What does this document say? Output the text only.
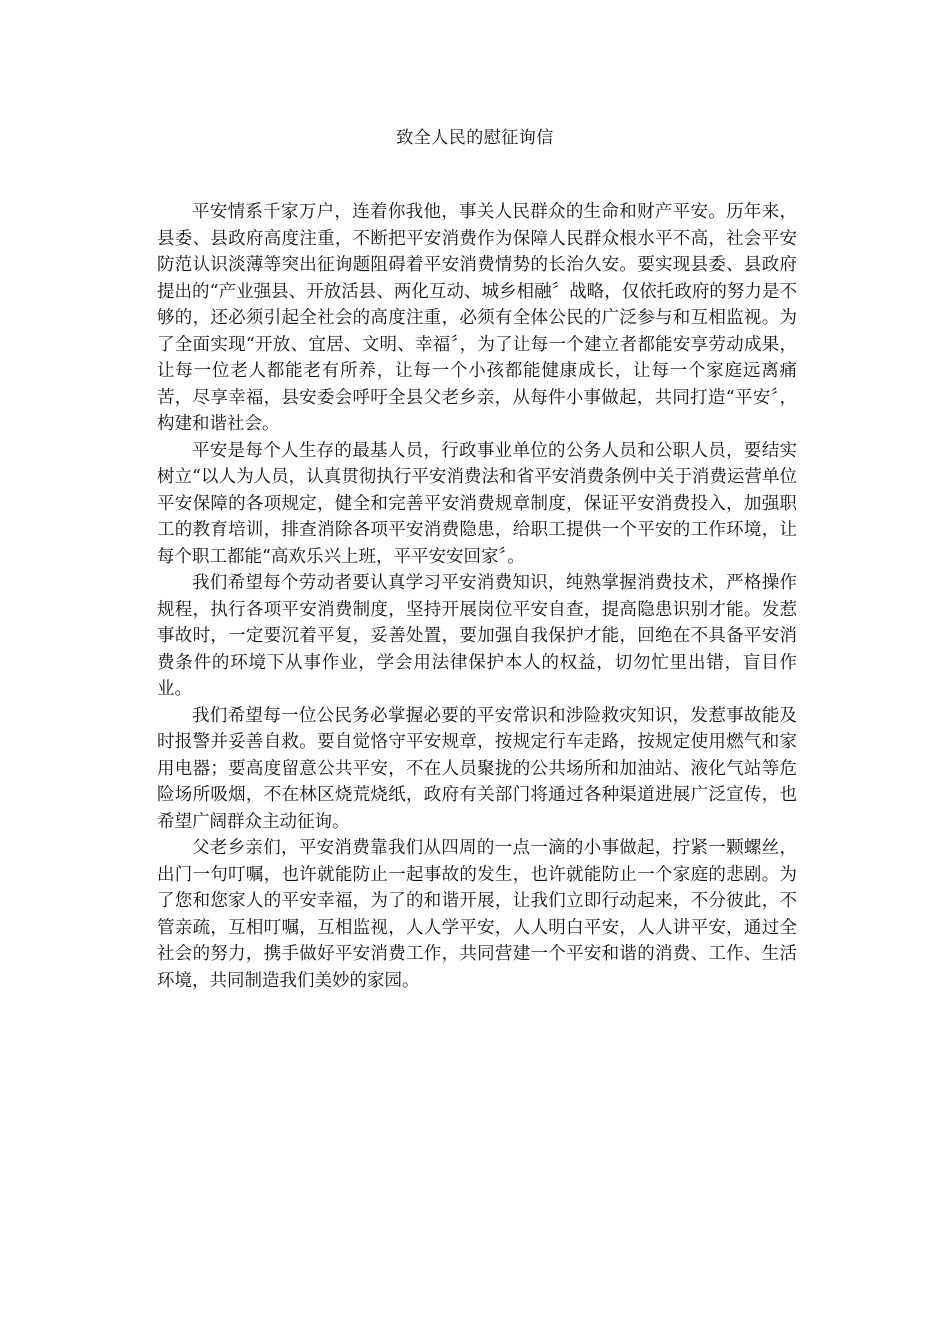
致全人民的慰征询信

平安情系千家万户，连着你我他，事关人民群众的生命和财产平安。历年来，县委、县政府高度注重，不断把平安消费作为保障人民群众根水平不高，社会平安防范认识淡薄等突出征询题阻碍着平安消费情势的长治久安。要实现县委、县政府提出的“产业强县、开放活县、两化互动、城乡相融〞战略，仅依托政府的努力是不够的，还必须引起全社会的高度注重，必须有全体公民的广泛参与和互相监视。为了全面实现“开放、宜居、文明、幸福〞，为了让每一个建立者都能安享劳动成果，让每一位老人都能老有所养，让每一个小孩都能健康成长，让每一个家庭远离痛苦，尽享幸福，县安委会呼吁全县父老乡亲，从每件小事做起，共同打造“平安〞，构建和谐社会。

平安是每个人生存的最基人员，行政事业单位的公务人员和公职人员，要结实树立“以人为人员，认真贯彻执行平安消费法和省平安消费条例中关于消费运营单位平安保障的各项规定，健全和完善平安消费规章制度，保证平安消费投入，加强职工的教育培训，排查消除各项平安消费隐患，给职工提供一个平安的工作环境，让每个职工都能“高欢乐兴上班，平平安安回家〞。

我们希望每个劳动者要认真学习平安消费知识，纯熟掌握消费技术，严格操作规程，执行各项平安消费制度，坚持开展岗位平安自查，提高隐患识别才能。发惹事故时，一定要沉着平复，妥善处置，要加强自我保护才能，回绝在不具备平安消费条件的环境下从事作业，学会用法律保护本人的权益，切勿忙里出错，盲目作业。

我们希望每一位公民务必掌握必要的平安常识和涉险救灾知识，发惹事故能及时报警并妥善自救。要自觉恪守平安规章，按规定行车走路，按规定使用燃气和家用电器；要高度留意公共平安，不在人员聚拢的公共场所和加油站、液化气站等危险场所吸烟，不在林区烧荒烧纸，政府有关部门将通过各种渠道进展广泛宣传，也希望广阔群众主动征询。

父老乡亲们，平安消费靠我们从四周的一点一滴的小事做起，拧紧一颗螺丝，出门一句叮嘱，也许就能防止一起事故的发生，也许就能防止一个家庭的悲剧。为了您和您家人的平安幸福，为了的和谐开展，让我们立即行动起来，不分彼此，不管亲疏，互相叮嘱，互相监视，人人学平安，人人明白平安，人人讲平安，通过全社会的努力，携手做好平安消费工作，共同营建一个平安和谐的消费、工作、生活环境，共同制造我们美妙的家园。
